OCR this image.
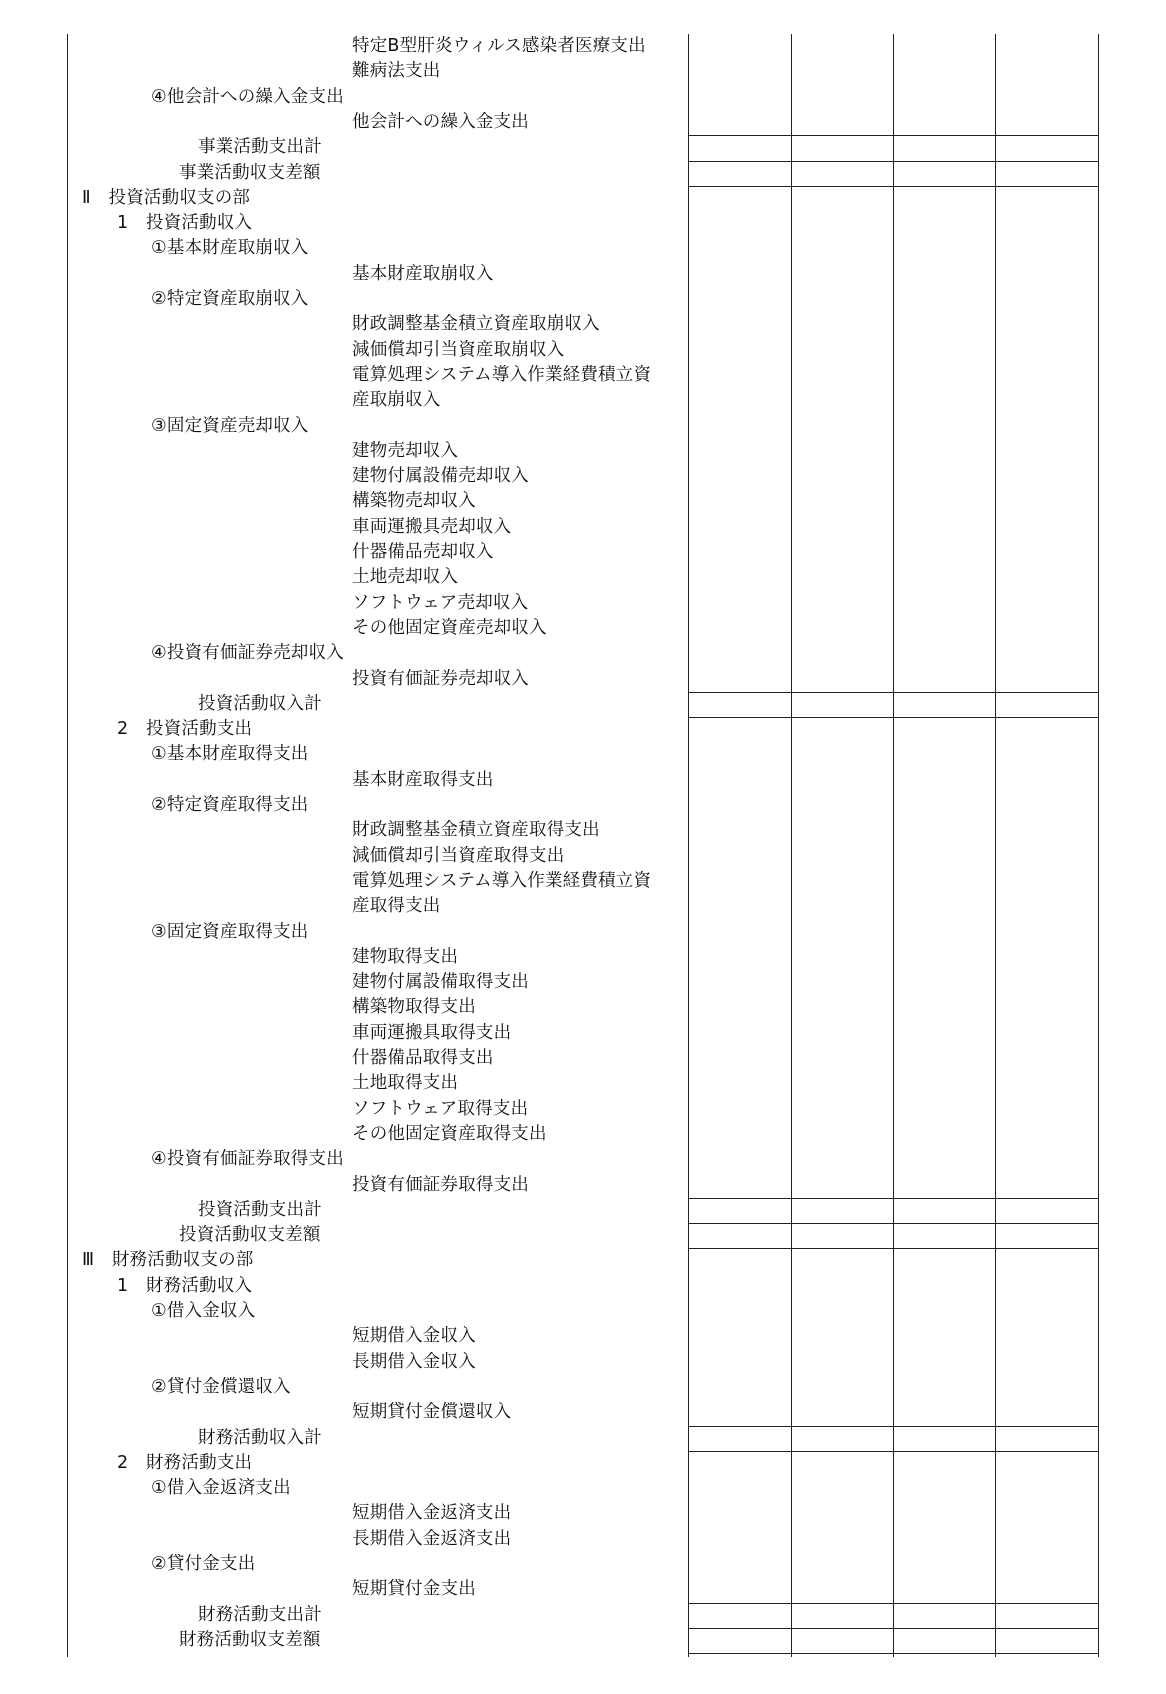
特定B型肝炎ウィルス感染者医療支出
難病法支出
④他会計への繰入金支出
他会計への繰入金支出
事業活動支出計
事業活動収支差額
Ⅱ　投資活動収支の部
1　投資活動収入
①基本財産取崩収入
基本財産取崩収入
②特定資産取崩収入
財政調整基金積立資産取崩収入
減価償却引当資産取崩収入
電算処理システム導入作業経費積立資
産取崩収入
③固定資産売却収入
建物売却収入
建物付属設備売却収入
構築物売却収入
車両運搬具売却収入
什器備品売却収入
土地売却収入
ソフトウェア売却収入
その他固定資産売却収入
④投資有価証券売却収入
投資有価証券売却収入
投資活動収入計
2　投資活動支出
①基本財産取得支出
基本財産取得支出
②特定資産取得支出
財政調整基金積立資産取得支出
減価償却引当資産取得支出
電算処理システム導入作業経費積立資
産取得支出
③固定資産取得支出
建物取得支出
建物付属設備取得支出
構築物取得支出
車両運搬具取得支出
什器備品取得支出
土地取得支出
ソフトウェア取得支出
その他固定資産取得支出
④投資有価証券取得支出
投資有価証券取得支出
投資活動支出計
投資活動収支差額
Ⅲ　財務活動収支の部
1　財務活動収入
①借入金収入
短期借入金収入
長期借入金収入
②貸付金償還収入
短期貸付金償還収入
財務活動収入計
2　財務活動支出
①借入金返済支出
短期借入金返済支出
長期借入金返済支出
②貸付金支出
短期貸付金支出
財務活動支出計
財務活動収支差額
